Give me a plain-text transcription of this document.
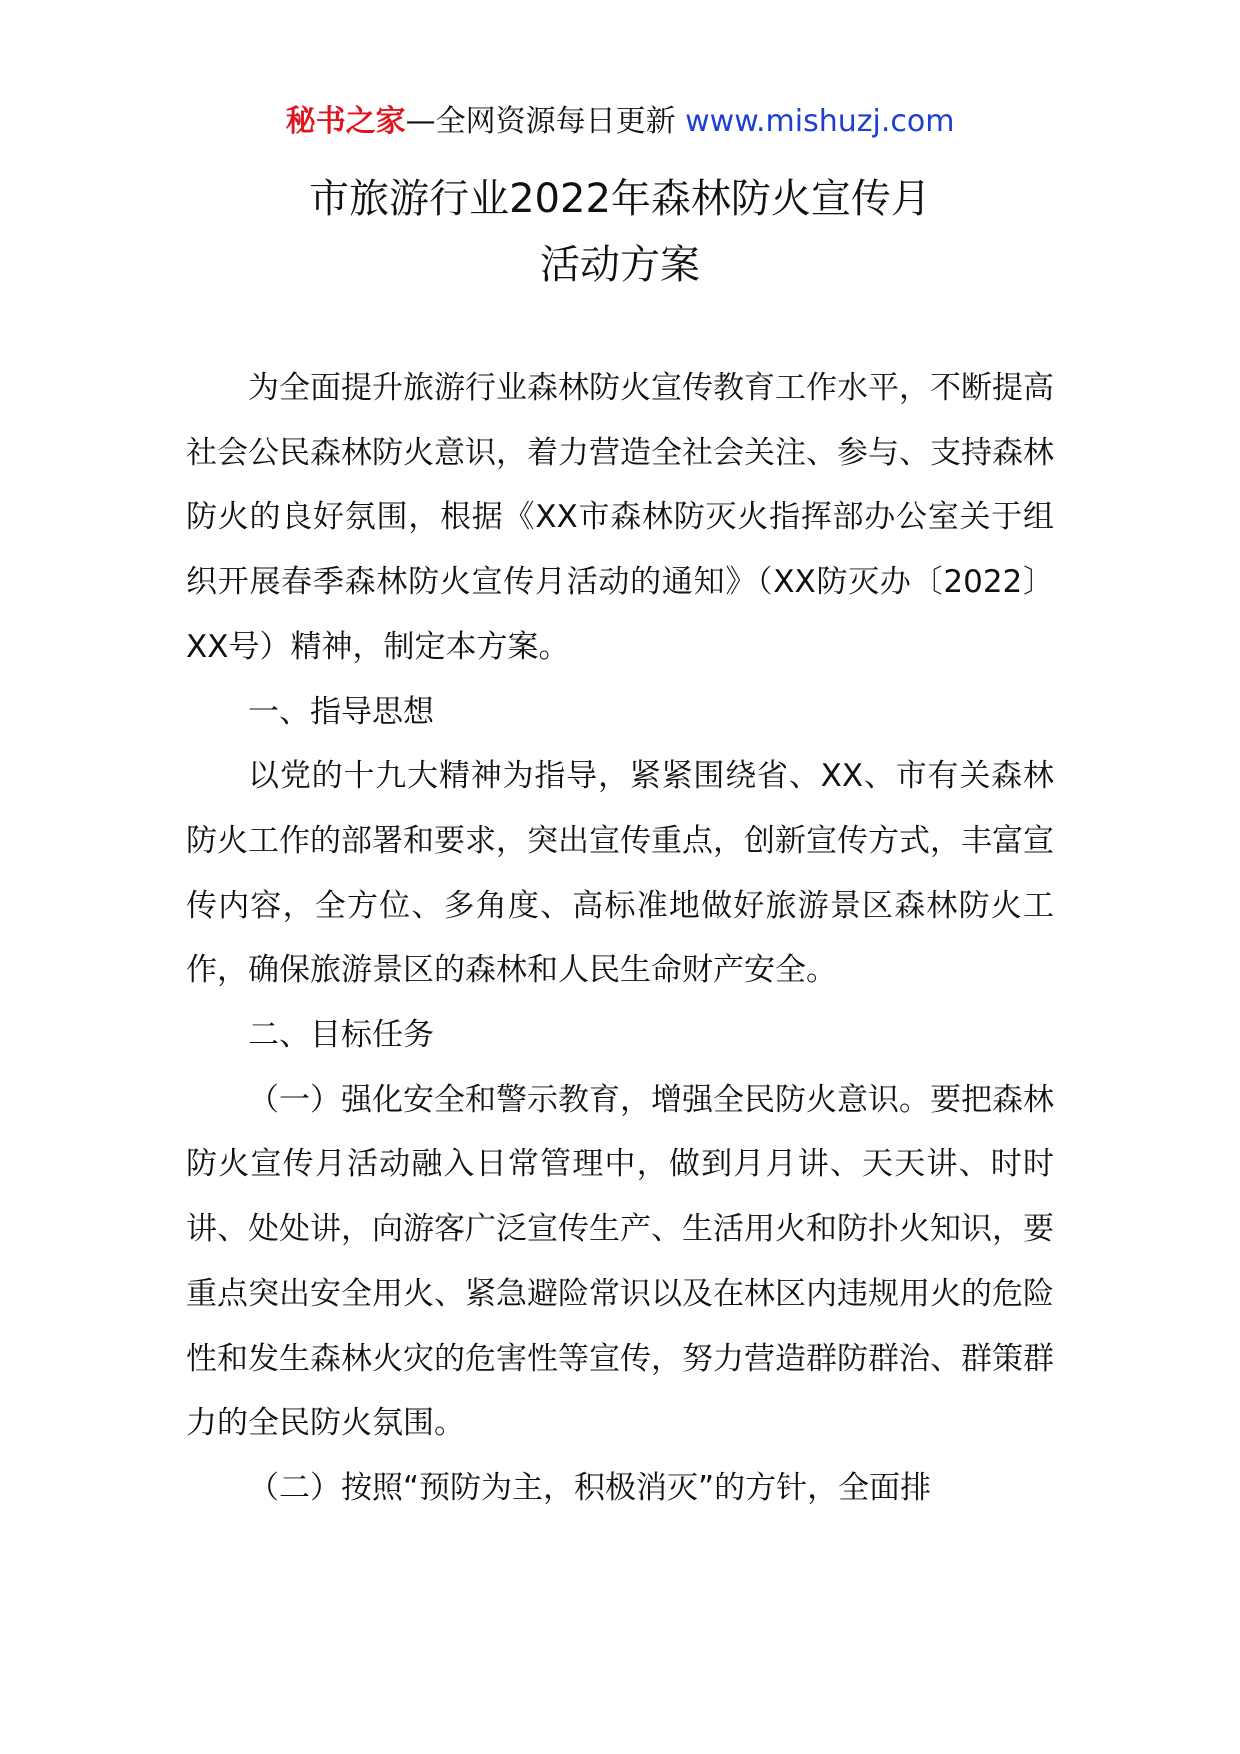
秘书之家—全网资源每日更新 www.mishuzj.com
市旅游行业2022年森林防火宣传月
活动方案

为全面提升旅游行业森林防火宣传教育工作水平，不断提高社会公民森林防火意识，着力营造全社会关注、参与、支持森林防火的良好氛围，根据《XX市森林防灭火指挥部办公室关于组织开展春季森林防火宣传月活动的通知》（XX防灭办〔2022〕XX号）精神，制定本方案。

一、指导思想

以党的十九大精神为指导，紧紧围绕省、XX、市有关森林防火工作的部署和要求，突出宣传重点，创新宣传方式，丰富宣传内容，全方位、多角度、高标准地做好旅游景区森林防火工作，确保旅游景区的森林和人民生命财产安全。

二、目标任务

（一）强化安全和警示教育，增强全民防火意识。要把森林防火宣传月活动融入日常管理中，做到月月讲、天天讲、时时讲、处处讲，向游客广泛宣传生产、生活用火和防扑火知识，要重点突出安全用火、紧急避险常识以及在林区内违规用火的危险性和发生森林火灾的危害性等宣传，努力营造群防群治、群策群力的全民防火氛围。

（二）按照“预防为主，积极消灭”的方针，全面排
